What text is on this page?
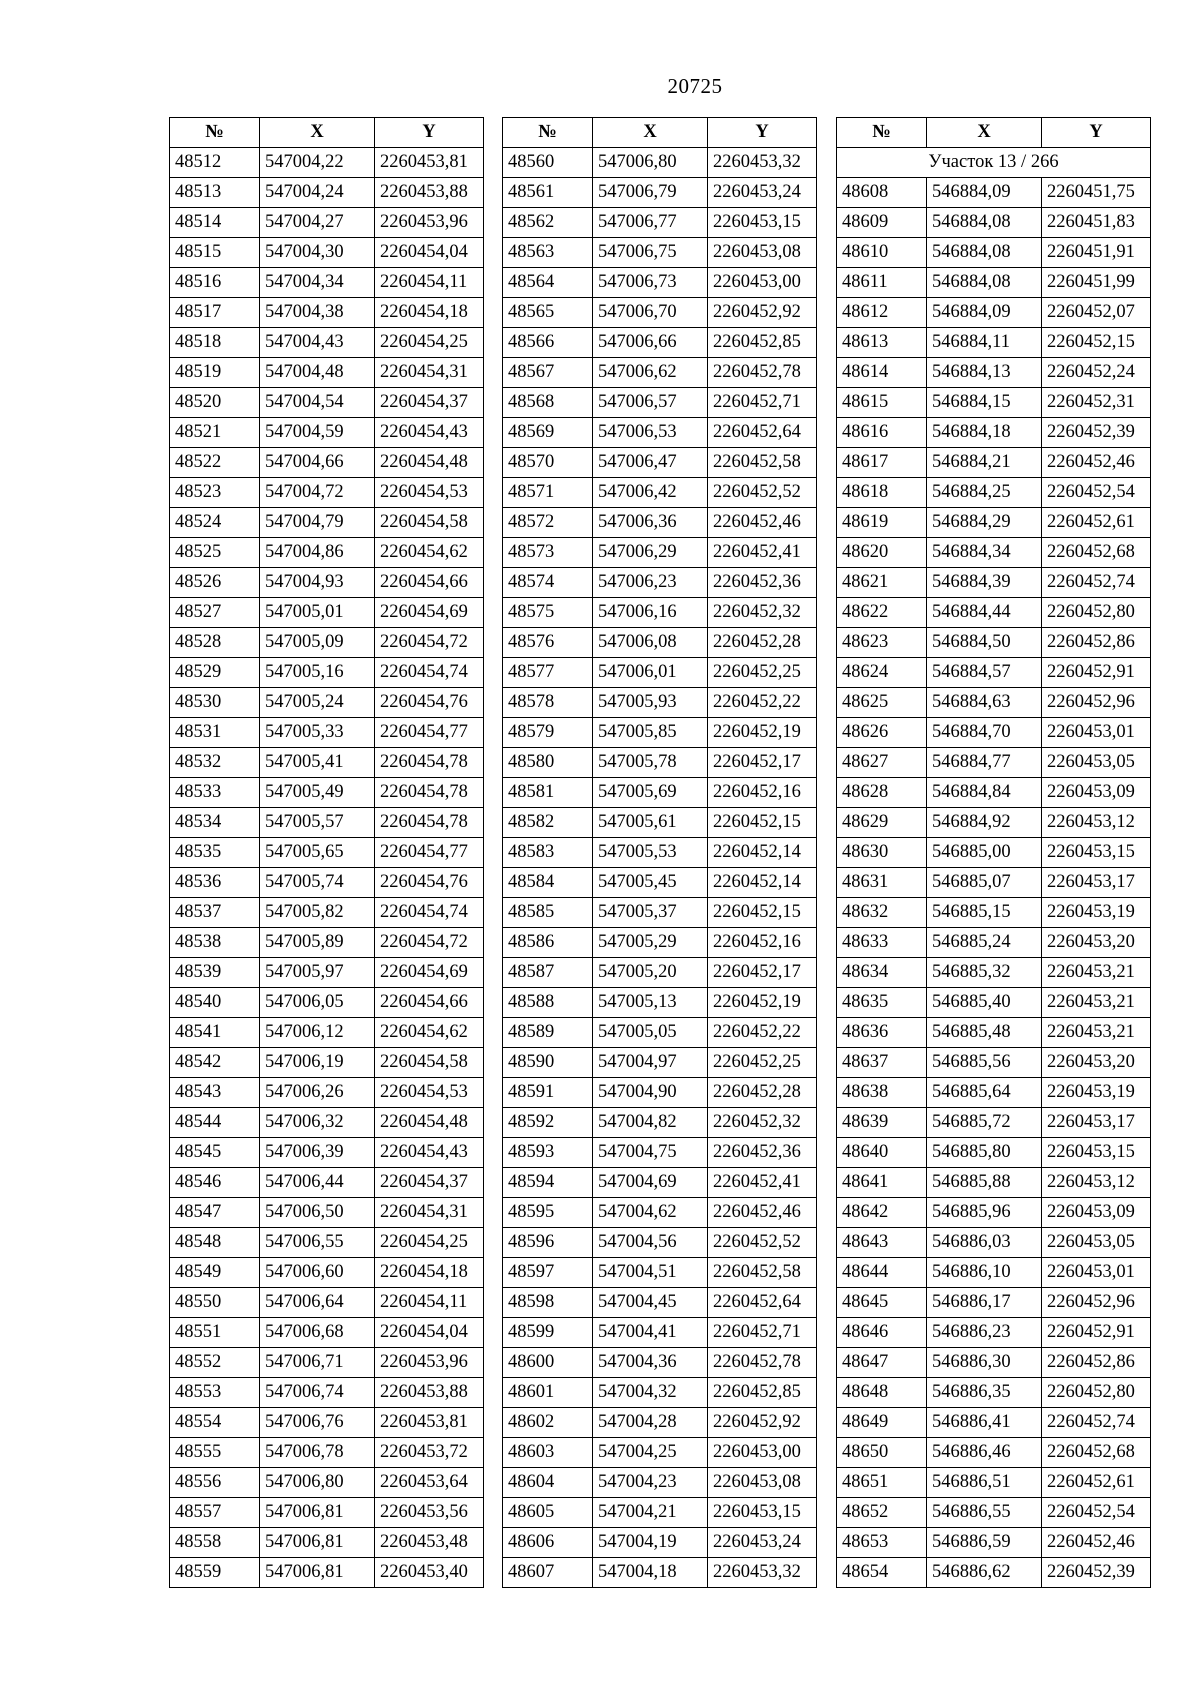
20725
№	X	Y
48512	547004,22	2260453,81
48513	547004,24	2260453,88
48514	547004,27	2260453,96
48515	547004,30	2260454,04
48516	547004,34	2260454,11
48517	547004,38	2260454,18
48518	547004,43	2260454,25
48519	547004,48	2260454,31
48520	547004,54	2260454,37
48521	547004,59	2260454,43
48522	547004,66	2260454,48
48523	547004,72	2260454,53
48524	547004,79	2260454,58
48525	547004,86	2260454,62
48526	547004,93	2260454,66
48527	547005,01	2260454,69
48528	547005,09	2260454,72
48529	547005,16	2260454,74
48530	547005,24	2260454,76
48531	547005,33	2260454,77
48532	547005,41	2260454,78
48533	547005,49	2260454,78
48534	547005,57	2260454,78
48535	547005,65	2260454,77
48536	547005,74	2260454,76
48537	547005,82	2260454,74
48538	547005,89	2260454,72
48539	547005,97	2260454,69
48540	547006,05	2260454,66
48541	547006,12	2260454,62
48542	547006,19	2260454,58
48543	547006,26	2260454,53
48544	547006,32	2260454,48
48545	547006,39	2260454,43
48546	547006,44	2260454,37
48547	547006,50	2260454,31
48548	547006,55	2260454,25
48549	547006,60	2260454,18
48550	547006,64	2260454,11
48551	547006,68	2260454,04
48552	547006,71	2260453,96
48553	547006,74	2260453,88
48554	547006,76	2260453,81
48555	547006,78	2260453,72
48556	547006,80	2260453,64
48557	547006,81	2260453,56
48558	547006,81	2260453,48
48559	547006,81	2260453,40
№	X	Y
48560	547006,80	2260453,32
48561	547006,79	2260453,24
48562	547006,77	2260453,15
48563	547006,75	2260453,08
48564	547006,73	2260453,00
48565	547006,70	2260452,92
48566	547006,66	2260452,85
48567	547006,62	2260452,78
48568	547006,57	2260452,71
48569	547006,53	2260452,64
48570	547006,47	2260452,58
48571	547006,42	2260452,52
48572	547006,36	2260452,46
48573	547006,29	2260452,41
48574	547006,23	2260452,36
48575	547006,16	2260452,32
48576	547006,08	2260452,28
48577	547006,01	2260452,25
48578	547005,93	2260452,22
48579	547005,85	2260452,19
48580	547005,78	2260452,17
48581	547005,69	2260452,16
48582	547005,61	2260452,15
48583	547005,53	2260452,14
48584	547005,45	2260452,14
48585	547005,37	2260452,15
48586	547005,29	2260452,16
48587	547005,20	2260452,17
48588	547005,13	2260452,19
48589	547005,05	2260452,22
48590	547004,97	2260452,25
48591	547004,90	2260452,28
48592	547004,82	2260452,32
48593	547004,75	2260452,36
48594	547004,69	2260452,41
48595	547004,62	2260452,46
48596	547004,56	2260452,52
48597	547004,51	2260452,58
48598	547004,45	2260452,64
48599	547004,41	2260452,71
48600	547004,36	2260452,78
48601	547004,32	2260452,85
48602	547004,28	2260452,92
48603	547004,25	2260453,00
48604	547004,23	2260453,08
48605	547004,21	2260453,15
48606	547004,19	2260453,24
48607	547004,18	2260453,32
№	X	Y
Участок 13 / 266		
48608	546884,09	2260451,75
48609	546884,08	2260451,83
48610	546884,08	2260451,91
48611	546884,08	2260451,99
48612	546884,09	2260452,07
48613	546884,11	2260452,15
48614	546884,13	2260452,24
48615	546884,15	2260452,31
48616	546884,18	2260452,39
48617	546884,21	2260452,46
48618	546884,25	2260452,54
48619	546884,29	2260452,61
48620	546884,34	2260452,68
48621	546884,39	2260452,74
48622	546884,44	2260452,80
48623	546884,50	2260452,86
48624	546884,57	2260452,91
48625	546884,63	2260452,96
48626	546884,70	2260453,01
48627	546884,77	2260453,05
48628	546884,84	2260453,09
48629	546884,92	2260453,12
48630	546885,00	2260453,15
48631	546885,07	2260453,17
48632	546885,15	2260453,19
48633	546885,24	2260453,20
48634	546885,32	2260453,21
48635	546885,40	2260453,21
48636	546885,48	2260453,21
48637	546885,56	2260453,20
48638	546885,64	2260453,19
48639	546885,72	2260453,17
48640	546885,80	2260453,15
48641	546885,88	2260453,12
48642	546885,96	2260453,09
48643	546886,03	2260453,05
48644	546886,10	2260453,01
48645	546886,17	2260452,96
48646	546886,23	2260452,91
48647	546886,30	2260452,86
48648	546886,35	2260452,80
48649	546886,41	2260452,74
48650	546886,46	2260452,68
48651	546886,51	2260452,61
48652	546886,55	2260452,54
48653	546886,59	2260452,46
48654	546886,62	2260452,39
